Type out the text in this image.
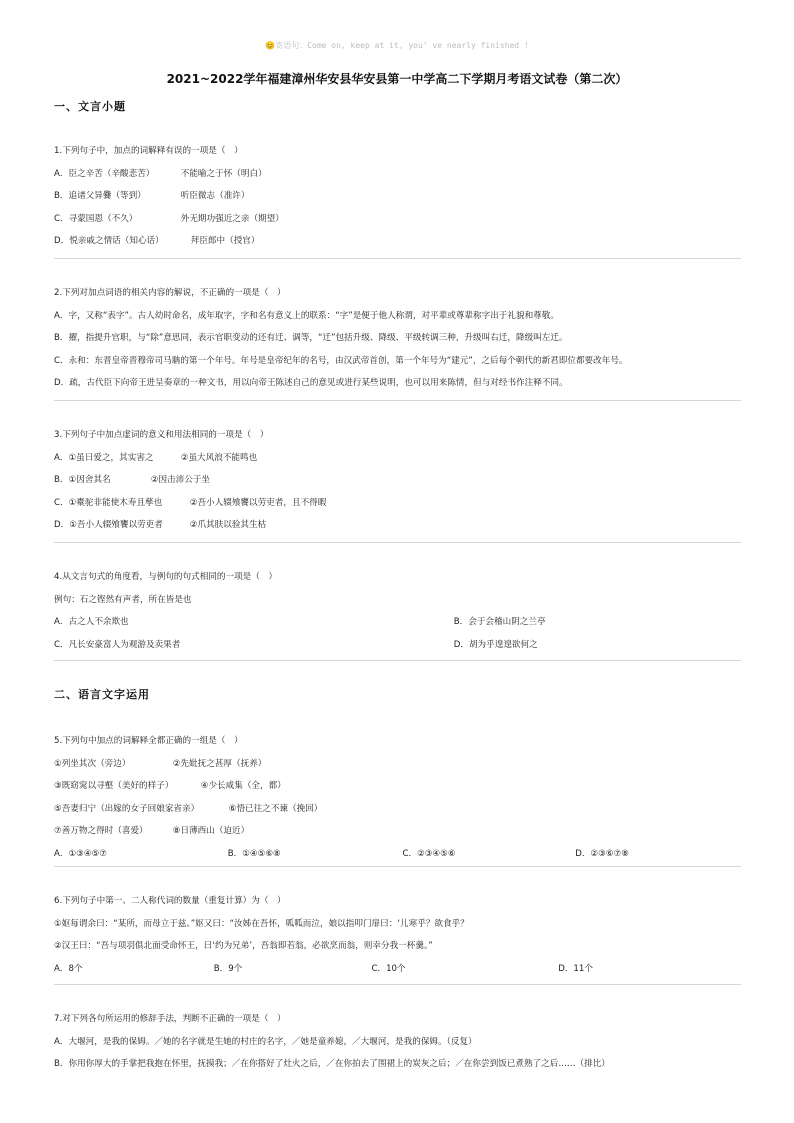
😊寄语句：Come on, keep at it, you’ ve nearly finished !
2021~2022学年福建漳州华安县华安县第一中学高二下学期月考语文试卷（第二次）
一、文言小题
1.下列句子中，加点的词解释有误的一项是（　）
A．臣之辛苦（辛酸悲苦）	不能喻之于怀（明白）
B．追诸父异爨（等到）	听臣微志（准许）
C．寻蒙国恩（不久）	外无期功强近之亲（期望）
D．悦亲戚之情话（知心话）	拜臣郎中（授官）
2.下列对加点词语的相关内容的解说，不正确的一项是（　）
A．字，又称“表字”。古人幼时命名，成年取字，字和名有意义上的联系：“字”是便于他人称谓，对平辈或尊辈称字出于礼貌和尊敬。
B．擢，指提升官职，与“除”意思同，表示官职变动的还有迁、调等，“迁”包括升级、降级、平级转调三种，升级叫右迁，降级叫左迁。
C．永和：东晋皇帝晋穆帝司马聃的第一个年号。年号是皇帝纪年的名号，由汉武帝首创，第一个年号为“建元”，之后每个朝代的新君即位都要改年号。
D．疏，古代臣下向帝王进呈奏章的一种文书，用以向帝王陈述自己的意见或进行某些说明，也可以用来陈情，但与对经书作注释不同。
3.下列句子中加点虚词的意义和用法相同的一项是（　）
A．①虽日爱之，其实害之	②虽大风浪不能鸣也
B．①因舍其名	②因击沛公于坐
C．①橐驼非能使木寿且孳也	②吾小人辍飧饔以劳吏者，且不得暇
D．①吾小人辍飧饔以劳吏者	②爪其肤以验其生枯
4.从文言句式的角度看，与例句的句式相同的一项是（　）
例句：石之铿然有声者，所在皆是也
A．古之人不余欺也	B．会于会稽山阴之兰亭
C．凡长安豪富人为观游及卖果者	D．胡为乎遑遑欲何之
二、语言文字运用
5.下列句中加点的词解释全都正确的一组是（　）
①列坐其次（旁边）	②先妣抚之甚厚（抚养）
③既窈窕以寻壑（美好的样子）	④少长咸集（全，都）
⑤吾妻归宁（出嫁的女子回娘家省亲）	⑥悟已往之不谏（挽回）
⑦善万物之得时（喜爱）	⑧日薄西山（迫近）
A．①③④⑤⑦	B．①④⑤⑥⑧	C．②③④⑤⑥	D．②③⑥⑦⑧
6.下列句子中第一、二人称代词的数量（重复计算）为（　）
①妪每谓余曰：“某所，而母立于兹。”妪又曰：“汝姊在吾怀，呱呱而泣，娘以指叩门扉曰：‘儿寒乎？欲食乎？
②汉王曰：“吾与项羽俱北面受命怀王，曰‘约为兄弟’，吾翁即若翁，必欲烹而翁，则幸分我一杯羹。”
A．8个	B．9个	C．10个	D．11个
7.对下列各句所运用的修辞手法，判断不正确的一项是（　）
A．大堰河，是我的保姆。／她的名字就是生她的村庄的名字，／她是童养媳，／大堰河，是我的保姆。（反复）
B．你用你厚大的手掌把我抱在怀里，抚摸我；／在你搭好了灶火之后，／在你拍去了围裙上的炭灰之后；／在你尝到饭已煮熟了之后……（排比）
